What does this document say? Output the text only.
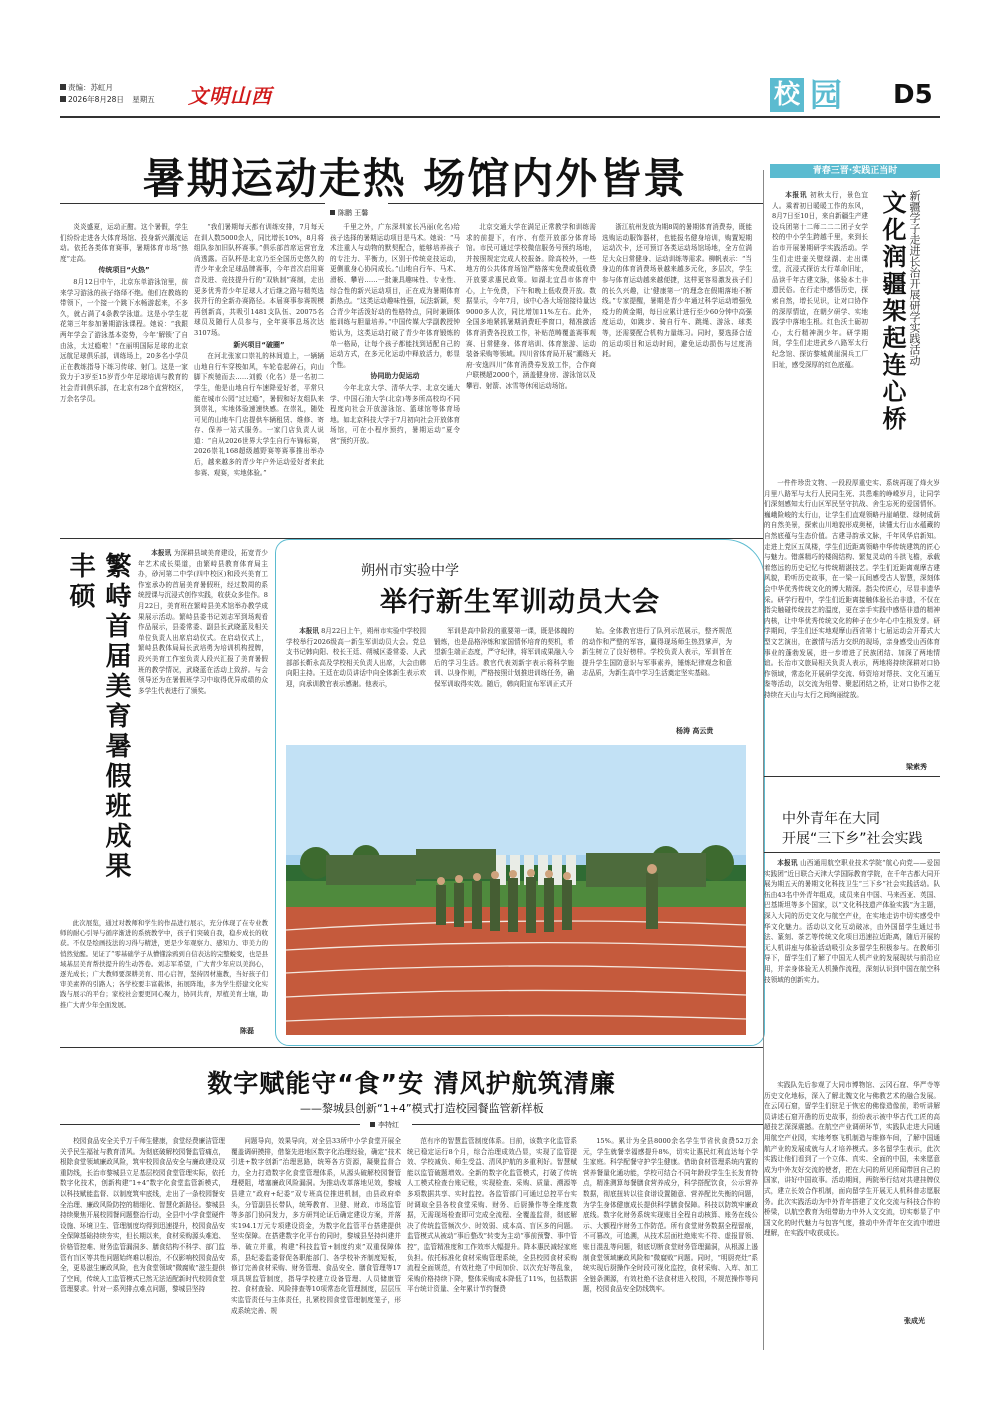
责编：苏虹月
2026年8月28日 星期五 文明山西	校 园 D5
暑期运动走热 场馆内外皆景
陈鹏 王馨

炎炎盛夏，运动正酣。这个暑假，学生们纷纷走进各大体育场馆、投身新兴潮流运动。依托各类体育赛事，暑期体育市场“热度”走高。

传统项目“火热”

8月12日中午，北京东单游泳馆里，前来学习游泳的孩子络绎不绝。他们在教练的带领下，一个接一个跳下水畅游起来，不多久，就占满了4条教学泳道。这是小学生花花第三年参加暑期游泳课程。她说：“我跟两年学会了游泳基本姿势，今年‘解锁’了自由泳，太过瘾啦！”在丽明国际足球的北京远航足球俱乐部，训练场上，20多名小学员正在教练指导下练习传球、射门。这是一家致力于3岁至15岁青少年足球培训与教育的社会青训俱乐部，在北京有28个直营校区，万余名学员。

“我们暑期每天都有训练安排，7月每天在训人数5000余人，同比增长10%，8月将组队参加旧队杯赛事。”俱乐部首席运营官龙尚透露。百队杯是北京乃至全国历史悠久的青少年业余足球品牌赛事，今年首次启用赛音及进、竞技提升行的“双轨制”赛制，走出更多优秀青少年足球人才后继之路与精英选拔并行的全新办赛路径。本届赛事参赛规模再创新高，共吸引1481支队伍、20075名球员及随行人员参与，全年赛事总场次达3107场。

新兴项目“破圈”

在河北张家口崇礼的林间道上，一辆辆山地自行车穿梭如风，车轮卷起碎石，向山脚下疾驰而去……刘毅（化名）是一名初二学生，他是山地自行车速降爱好者，平常只能在城市公园“过过瘾”，暑假和好友组队来到崇礼，实地体验速速快感。在崇礼，随处可见的山地车门店提供车辆租赁、维修、寄存、保养一站式服务。一家门店负责人说道：“自从2026世界大学生自行车锦标赛，2026崇礼168超级越野赛等赛事推出举办后，越来越多的青少年户外运动爱好者来此参赛、观赛，实地体验。”

千里之外，广东深圳家长冯丽(化名)给孩子选择的暑期运动项目是马术。她说：“马术注重人与动物的默契配合，能够培养孩子的专注力、平衡力，区别于传统竞技运动，更侧重身心协同成长。”山地自行车、马术、滑板、攀岩……一批兼具趣味性、专业性、综合性的新兴运动项目，正在成为暑期体育新热点。“这类运动趣味性强，玩法新颖，契合青少年活泼好动的性格特点，同时兼顾体能训练与胆量培养。”中国传媒大学副教授钟贻认为，这类运动打破了青少年体育锻炼的单一格局，让每个孩子都能找到适配自己的运动方式，在多元化运动中释放活力，彰显个性。

协同助力促运动

今年北京大学、清华大学、北京交通大学、中国石油大学(北京)等多所高校均不同程度向社会开放游泳馆、篮球馆等体育场地。如北京科技大学于7月初向社会开放体育场馆，可在小程序预约，暑期运动“夏令营”预约开放。

北京交通大学在满足正常教学和训练需求的前提下，有序、有偿开放部分体育场馆。市民可通过学校微信服务号预约场地，并按照规定完成人校报备。除高校外，一些地方的公共体育场馆严格落实免费或低收费开放要求惠民政策。如湖北宜昌市体育中心，上午免费，下午和晚上低收费开放。数据显示，今年7月，该中心各大场馆接待量达9000多人次，同比增加11%左右。此外，全国多地紧抓暑期消费旺季窗口，精准激活体育消费各投放工作，补贴范畴覆盖赛事观赛、日常健身、体育培训、体育旅游、运动装备采购等领域。四川省体育局开展“潮练天府·安逸四川”体育消费券发放工作，合作商户联模超2000个，涵盖健身房、游泳馆以及攀岩、射箭、冰雪等休闲运动场馆。

浙江杭州发放为期8周的暑期体育消费券，既能选购运动服饰器材，也能报名健身培训，购置短期运动次卡，还可预订各类运动场馆场地，全方位满足大众日常健身、运动训练等需求。柳帆表示：“当身边的体育消费场景越来越多元化，多层次，学生参与体育运动越来越便捷，这样更容易激发孩子们的长久兴趣，让‘健康第一’的理念在假期落地不断线。”专家提醒，暑期是青少年通过科学运动增强免疫力的黄金期，每日应累计进行至少60分钟中高强度运动，如跳步、骑自行车、跳绳、游泳、球类等，还需要配合机构力量练习。同时，要选择合适的运动项目和运动时间，避免运动损伤与过度消耗。

繁峙首届美育暑假班成果丰硕	本报讯 为深耕县域美育建设，拓宽青少年艺术成长渠道，由繁峙县教育体育局主办，砂河第二中学(四中校区)和段兴美育工作室承办的首届美育暑假班，经过数周的系统授课与沉浸式创作实践，收获众多佳作。8月22日，美育班在繁峙县美术馆举办教学成果展示活动。繁峙县委书记刘志军到场观看作品展示，县委常委、副县长武晓蓝及相关单位负责人出席启动仪式。在启动仪式上，繁峙县教体局局长武培勇为培训机构授牌，段兴美育工作室负责人段兴汇报了美育暑假班的教学情况，武晓蓝在活动上致辞。与会领导还为在暑假班学习中取得优异成绩的众多学生代表进行了颁奖。

此次展览，通过对教师和学生的作品进行展示，充分体现了在专业教师的耐心引导与循序渐进的系统教学中，孩子们突破自我，稳步成长的收获。不仅是绘画技法的习得与精进，更是少年观察力、感知力、审美力的悄然觉醒。见证了“零基础学子从懵懂涂鸦到自信表达的完整蜕变，也是县域基层美育帮扶提升的生动答卷。刘志军希望，广大青少年应以美润心，逐光成长；广大教师要深耕美育、用心启智，坚持因材施教，当好孩子们审美素养的引路人；各学校要丰富载体，拓展阵地，多为学生搭建文化实践与展示的平台；家校社会要更同心聚力，协同共育，厚植美育土壤，助推广大青少年全面发展。

陈磊
朔州市实验中学
举行新生军训动员大会

本报讯 8月22日上午，朔州市实验中学校园学校举行2026级高一新生军训动员大会。党总支书记韩向阳、校长王廷、朔城区委常委、人武部部长靳永高及学校相关负责人出席，大会由韩向阳主持。王廷在动员讲话中向全体新生表示欢迎，向承训教官表示感谢。他表示，

军训是高中阶段的重要第一课，既是体魄的锻炼，也是品格淬炼和家国情怀培育的契机，希望新生端正态度，严守纪律，将军训成果融入今后的学习生活。教官代表刘新宇表示将科学施训、以身作则，严格按照计划推进训练任务，确保军训取得实效。随后，韩向阳宣布军训正式开

始。全体教官进行了队列示范展示，整齐规范的动作和严整的军容，赢得现场师生热烈掌声，为新生树立了良好榜样。学校负责人表示，军训旨在提升学生国防意识与军事素养，锤炼纪律观念和意志品质，为新生高中学习生活奠定坚实基础。

杨涛 高云贵
青春三晋·实践正当时
文化润疆架起连心桥 新疆学子走进长治开展研学实践活动

本报讯 初秋太行，景色宜人。乘着初日暖暖工作的东风，8月7日至10日，来自新疆生产建设兵团第十二师二二二团子女学校的中小学生跨越千里，来到长治市开展暑期研学实践活动。学生们走进壶关壁绿湖、走出课堂，沉浸式探访太行革命旧址，品读千年古建文脉，体验本土非遗民俗。在行走中感悟历史，探索自然，增长见识，让对口协作的深厚情谊，在朝夕研学、实地践学中落地生根。红色沃土砺初心，太行精神润少年。研学期间，学生们走进武乡八路军太行纪念馆、探访黎城黄崖洞兵工厂旧址，感受深厚的红色底蕴。

一件件珍贵文物、一段段厚重史实、系统再现了烽火岁月里八路军与太行人民同生死、共患难的峥嵘岁月，让同学们深刻感知太行山区军民坚守抗战、舍生忘死的爱国情怀。巍峨险峻的太行山，让学生们直观领略丹崖峭壁、绿树成荫的自然美景，探索山川地貌形成奥秘，读懂太行山水蕴藏的自然底蕴与生态价值。古建寻韵承文脉，千年风华启新知。走进上党区五凤楼，学生们近距离领略中华传统建筑的匠心与魅力。错落精巧的楼阁结构、繁复灵动的斗拱飞檐，承载着悠远的历史记忆与传统精湛技艺。学生们近距离观摩古建风貌，聆听历史故事，在一梁一瓦间感受古人智慧，深刻体会中华优秀传统文化的博大精深。指尖传匠心，尽显非遗华采。研学行程中，学生们近距离接触体验长治非遗，不仅在指尖触碰传统技艺的温度，更在亲手实践中感悟非遗的精神内核，让中华优秀传统文化的种子在少年心中生根发芽。研学期间，学生们还实地观摩山西省第十七届运动会开幕式大型文艺演出，在激情与活力交织的现场，亲身感受山西体育事业的蓬勃发展，进一步增进了民族团结、加深了两地情谊。长治市文旅局相关负责人表示，两地将持续深耕对口协作领域，常态化开展研学交流、师资培对帮扶、文化互通互鉴等活动，以交流为纽带、聚起团结之桥，让对口协作之花持续在天山与太行之间绚丽绽放。

梁索秀
中外青年在大同
开展“三下乡”社会实践

本报讯 山西通用航空职业技术学院“航心向党——爱国实践团”近日联合天津大学国际教育学院，在千年古都大同开展为期五天的暑期文化科技卫生“三下乡”社会实践活动。队伍由43名中外青年组成，成员来自中国、马来西亚、英国、巴基斯坦等多个国家，以“文化科技遗产体验实践”为主题，深入大同的历史文化与航空产业，在实地走访中切实感受中华文化魅力。活动以文化互动破冰，由外国留学生通过书法、篆刻、茶艺等传统文化项目迅速拉近距离，随后开展的无人机讲座与体验活动吸引众多留学生积极参与。在教师引导下，留学生们了解了中国无人机产业的发展现状与前沿应用，并亲身体验无人机操作流程，深刻认识到中国在航空科技领域的创新实力。

实践队先后参观了大同市博物馆、云冈石窟、华严寺等历史文化地标，深入了解北魏文化与佛教艺术的融合发展。在云冈石窟，留学生们驻足于恢宏的佛像造像前，聆听讲解员讲述石窟开凿的历史故事，纷纷表示被中华古代工匠的高超技艺深深震撼。在航空产业调研环节，实践队走进大同通用航空产业园，实地考察飞机制造与维修车间，了解中国通航产业的发展成就与人才培养模式。多名留学生表示，此次实践让他们看到了一个立体、真实、全面的中国，未来愿意成为中外友好交流的使者，把在大同的所见所闻带回自己的国家，讲好中国故事。活动期间，两院举行结对共建挂牌仪式，建立长效合作机制，面向留学生开展无人机科普志愿服务。此次实践活动为中外青年搭建了文化交流与科技合作的桥梁，以航空教育为纽带助力中外人文交流，切实彰显了中国文化的时代魅力与包容气度，推动中外青年在交流中增进理解，在实践中收获成长。

张成光
数字赋能守“食”安 清风护航筑清廉
——黎城县创新“1+4”模式打造校园餐监管新样板
李特红

校园食品安全关乎万千师生健康，食堂经费廉洁管理关乎民生福祉与教育清风。为彻底破解校园餐监管痛点，根除食堂领域廉政风险，筑牢校园食品安全与廉政建设双重防线，长治市黎城县立足基层校园食堂管理实际，依托数字化技术，创新构建“1+4”数字化食堂监管新模式，以科技赋能监督、以制度筑牢底线，走出了一条校园餐安全治理、廉政风险防控的精细化、智慧化新路径。黎城县持续聚焦开展校园餐问题整治行动，全县中小学食堂硬件设施、环境卫生、管理制度均得到迅速提升，校园食品安全保障基础持续夯实，但长期以来，食材采购源头难追、价格管控难、财务监管漏洞多、膳食结构不科学、部门监管有盲区等共性问题始终难以根治，不仅影响校园食品安全，更易滋生廉政风险，也为食堂领域“微腐败”滋生提供了空间，传统人工监管模式已然无法适配新时代校园食堂管理要求。针对一系列排点难点问题，黎城县坚持

问题导向，效果导向，对全县33所中小学食堂开展全覆盖调研摸排，借鉴先进地区数字化治理经验，确定“技术引进+数字创新”治理思路，统筹各方资源，凝聚监督合力，全力打造数字化食堂管理体系，从源头破解校园餐管理梗阻，堵塞廉政风险漏洞。为推动改革落地见效，黎城县建立“政府+纪委”双专班高位推进机制，由县政府牵头，分管副县长带队，统筹教育、卫健、财政、市场监管等多部门协同发力，多方研判论证后确定建设方案，并落实194.1万元专项建设资金，为数字化监管平台搭建提供坚实保障。在搭建数字化平台的同时，黎城县坚持纠建并举、破立并重，构建“科技监管+制度约束”双重保障体系，县纪委监委督促各职能部门、各学校补齐制度短板，修订完善食材采购、财务管理、食品安全、膳食管理等17项具规监管制度，指导学校建立设备管理、人员储康管控、食材查验、风险排查等10项常态化管理制度，层层压实监管责任与主体责任，扎紧校园食堂管理制度笼子，形成系统完善、规

范有序的智慧监管制度体系。目前，该数字化监管系统已稳定运行8个月，综合治理成效凸显，实现了监管提效、学校减负、师生受益、清风护航的多重利好。智慧赋能以监管破题增效。全新的数字化监管模式，打破了传统人工模式检查台账记账，实现检查、采购、质量、溯源等多项数据共享、实时监控。各监管部门可通过总控平台实时调取全县各校食堂采购、财务、后厨操作等全维度数据，无需现场检查即可完成全流程、全覆盖监督，彻底解决了传统监管频次少、时效弱、成本高、盲区多的问题。监管模式从被动“事后整改”转变为主动“事前预警、事中管控”，监管精准度和工作效率大幅提升。降本惠民减轻家庭负担。依托标准化食材采购管理系统，全县校园食材采购流程全面规范，有效杜绝了中间加价、以次充好等乱象，采购价格持续下降，整体采购成本降低了11%，包括数据平台统计资量、全年累计节约餐费

15%。累计为全县8000余名学生节省伙食费52万余元，学生就餐幸福感提升8%，切实让惠民红利直达每个学生家庭。科学配餐守护学生健康。借助食材管理系统内置的营养餐量化通功能，学校可结合不同年龄段学生生长发育特点，精准测算每餐膳食营养成分，科学搭配饮食，公示营养数据，彻底扭转以往食谱设置随意、营养配比失衡的问题，为学生身体健康成长提供科学膳食保障。科技以防筑牢廉政底线。数字化财务系统实现账目全程自动核算、账务在线公示、大额程序财务工作防范。所有食堂财务数据全程留痕，不可篡改，可追溯，从技术层面杜绝账实不符、虚报冒领、账目混乱等问题，彻底切断食堂财务管理漏洞，从根源上遏制食堂领域廉政风险和“微腐败”问题。同时，“明厨亮灶”系统实现后厨操作全时段可视化监控，食材采购、入库、加工全链条溯源，有效杜绝不法食材进入校园，不规范操作等问题，校园食品安全防线筑牢。
